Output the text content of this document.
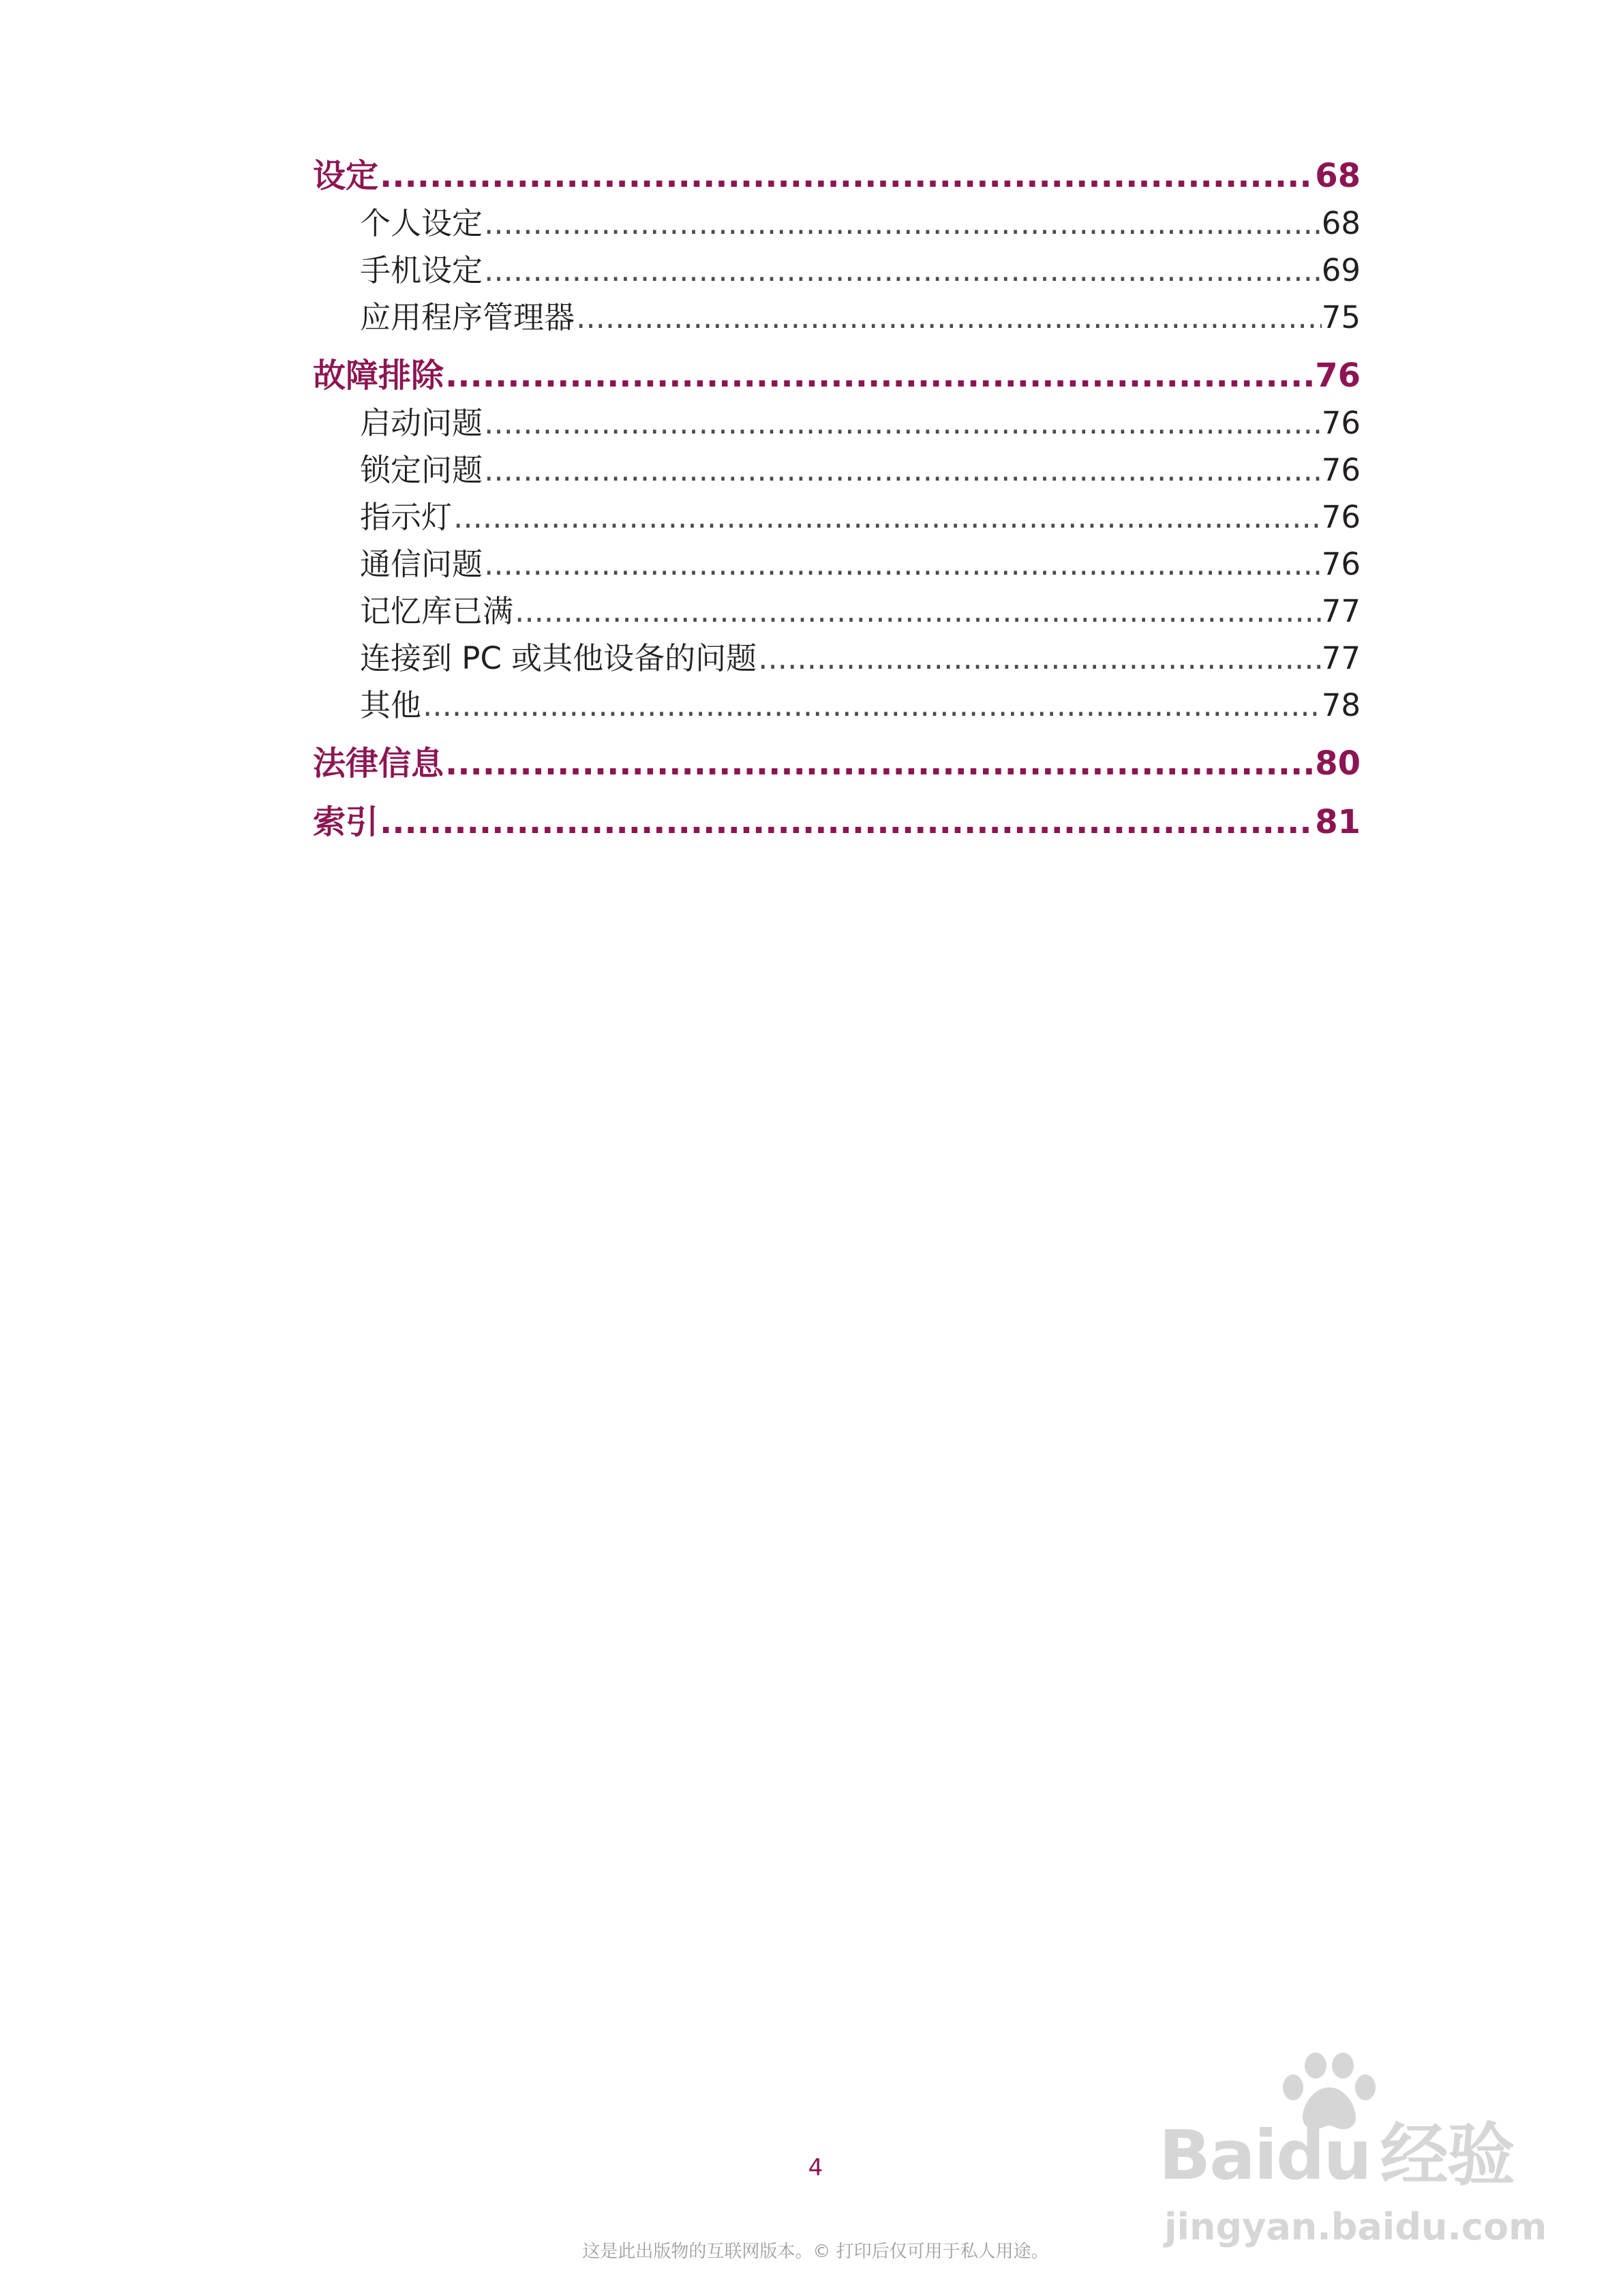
设定 .....	68
个人设定 .....	68
手机设定 .....	69
应用程序管理器 .....	75
故障排除 .....	76
启动问题 .....	76
锁定问题 .....	76
指示灯 .....	76
通信问题 .....	76
记忆库已满 .....	77
连接到 PC 或其他设备的问题 .....	77
其他 .....	78
法律信息 .....	80
索引 .....	81
4
这是此出版物的互联网版本。© 打印后仅可用于私人用途。
Baidu 经验
jingyan.baidu.com
